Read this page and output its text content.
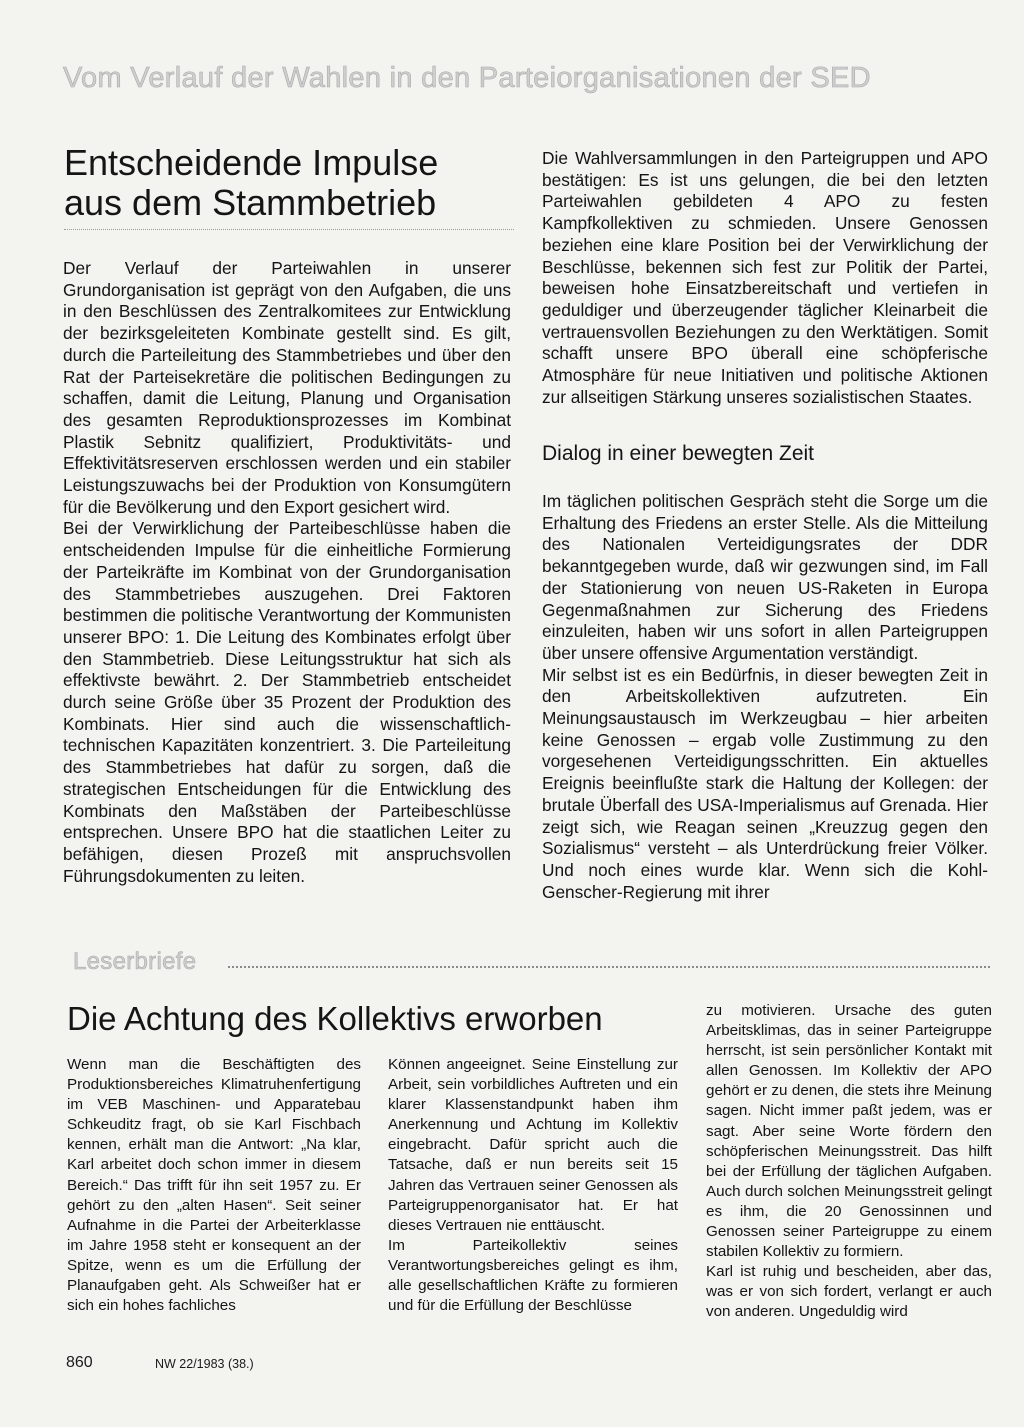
Vom Verlauf der Wahlen in den Parteiorganisationen der SED
Entscheidende Impulse
aus dem Stammbetrieb

Der Verlauf der Parteiwahlen in unserer Grundorganisation ist geprägt von den Aufgaben, die uns in den Beschlüssen des Zentralkomitees zur Entwicklung der bezirksgeleiteten Kombinate gestellt sind. Es gilt, durch die Parteileitung des Stammbetriebes und über den Rat der Parteisekretäre die politischen Bedingungen zu schaffen, damit die Leitung, Planung und Organisation des gesamten Reproduktionsprozesses im Kombinat Plastik Sebnitz qualifiziert, Produktivitäts- und Effektivitätsreserven erschlossen werden und ein stabiler Leistungszuwachs bei der Produktion von Konsumgütern für die Bevölkerung und den Export gesichert wird.

Bei der Verwirklichung der Parteibeschlüsse haben die entscheidenden Impulse für die einheitliche Formierung der Parteikräfte im Kombinat von der Grundorganisation des Stammbetriebes auszugehen. Drei Faktoren bestimmen die politische Verantwortung der Kommunisten unserer BPO: 1. Die Leitung des Kombinates erfolgt über den Stammbetrieb. Diese Leitungsstruktur hat sich als effektivste bewährt. 2. Der Stammbetrieb entscheidet durch seine Größe über 35 Prozent der Produktion des Kombinats. Hier sind auch die wissenschaftlich-technischen Kapazitäten konzentriert. 3. Die Parteileitung des Stammbetriebes hat dafür zu sorgen, daß die strategischen Entscheidungen für die Entwicklung des Kombinats den Maßstäben der Parteibeschlüsse entsprechen. Unsere BPO hat die staatlichen Leiter zu befähigen, diesen Prozeß mit anspruchsvollen Führungsdokumenten zu leiten.

Die Wahlversammlungen in den Parteigruppen und APO bestätigen: Es ist uns gelungen, die bei den letzten Parteiwahlen gebildeten 4 APO zu festen Kampfkollektiven zu schmieden. Unsere Genossen beziehen eine klare Position bei der Verwirklichung der Beschlüsse, bekennen sich fest zur Politik der Partei, beweisen hohe Einsatzbereitschaft und vertiefen in geduldiger und überzeugender täglicher Kleinarbeit die vertrauensvollen Beziehungen zu den Werktätigen. Somit schafft unsere BPO überall eine schöpferische Atmosphäre für neue Initiativen und politische Aktionen zur allseitigen Stärkung unseres sozialistischen Staates.

Dialog in einer bewegten Zeit

Im täglichen politischen Gespräch steht die Sorge um die Erhaltung des Friedens an erster Stelle. Als die Mitteilung des Nationalen Verteidigungsrates der DDR bekanntgegeben wurde, daß wir gezwungen sind, im Fall der Stationierung von neuen US-Raketen in Europa Gegenmaßnahmen zur Sicherung des Friedens einzuleiten, haben wir uns sofort in allen Parteigruppen über unsere offensive Argumentation verständigt.

Mir selbst ist es ein Bedürfnis, in dieser bewegten Zeit in den Arbeitskollektiven aufzutreten. Ein Meinungsaustausch im Werkzeugbau – hier arbeiten keine Genossen – ergab volle Zustimmung zu den vorgesehenen Verteidigungsschritten. Ein aktuelles Ereignis beeinflußte stark die Haltung der Kollegen: der brutale Überfall des USA-Imperialismus auf Grenada. Hier zeigt sich, wie Reagan seinen „Kreuzzug gegen den Sozialismus“ versteht – als Unterdrückung freier Völker. Und noch eines wurde klar. Wenn sich die Kohl-Genscher-Regierung mit ihrer

Leserbriefe
Die Achtung des Kollektivs erworben

Wenn man die Beschäftigten des Produktionsbereiches Klimatruhenfertigung im VEB Maschinen- und Apparatebau Schkeuditz fragt, ob sie Karl Fischbach kennen, erhält man die Antwort: „Na klar, Karl arbeitet doch schon immer in diesem Bereich.“ Das trifft für ihn seit 1957 zu. Er gehört zu den „alten Hasen“. Seit seiner Aufnahme in die Partei der Arbeiterklasse im Jahre 1958 steht er konsequent an der Spitze, wenn es um die Erfüllung der Planaufgaben geht. Als Schweißer hat er sich ein hohes fachliches

Können angeeignet. Seine Einstellung zur Arbeit, sein vorbildliches Auftreten und ein klarer Klassenstandpunkt haben ihm Anerkennung und Achtung im Kollektiv eingebracht. Dafür spricht auch die Tatsache, daß er nun bereits seit 15 Jahren das Vertrauen seiner Genossen als Parteigruppenorganisator hat. Er hat dieses Vertrauen nie enttäuscht.

Im Parteikollektiv seines Verantwortungsbereiches gelingt es ihm, alle gesellschaftlichen Kräfte zu formieren und für die Erfüllung der Beschlüsse

zu motivieren. Ursache des guten Arbeitsklimas, das in seiner Parteigruppe herrscht, ist sein persönlicher Kontakt mit allen Genossen. Im Kollektiv der APO gehört er zu denen, die stets ihre Meinung sagen. Nicht immer paßt jedem, was er sagt. Aber seine Worte fördern den schöpferischen Meinungsstreit. Das hilft bei der Erfüllung der täglichen Aufgaben. Auch durch solchen Meinungsstreit gelingt es ihm, die 20 Genossinnen und Genossen seiner Parteigruppe zu einem stabilen Kollektiv zu formiern.

Karl ist ruhig und bescheiden, aber das, was er von sich fordert, verlangt er auch von anderen. Ungeduldig wird

860	NW 22/1983 (38.)
